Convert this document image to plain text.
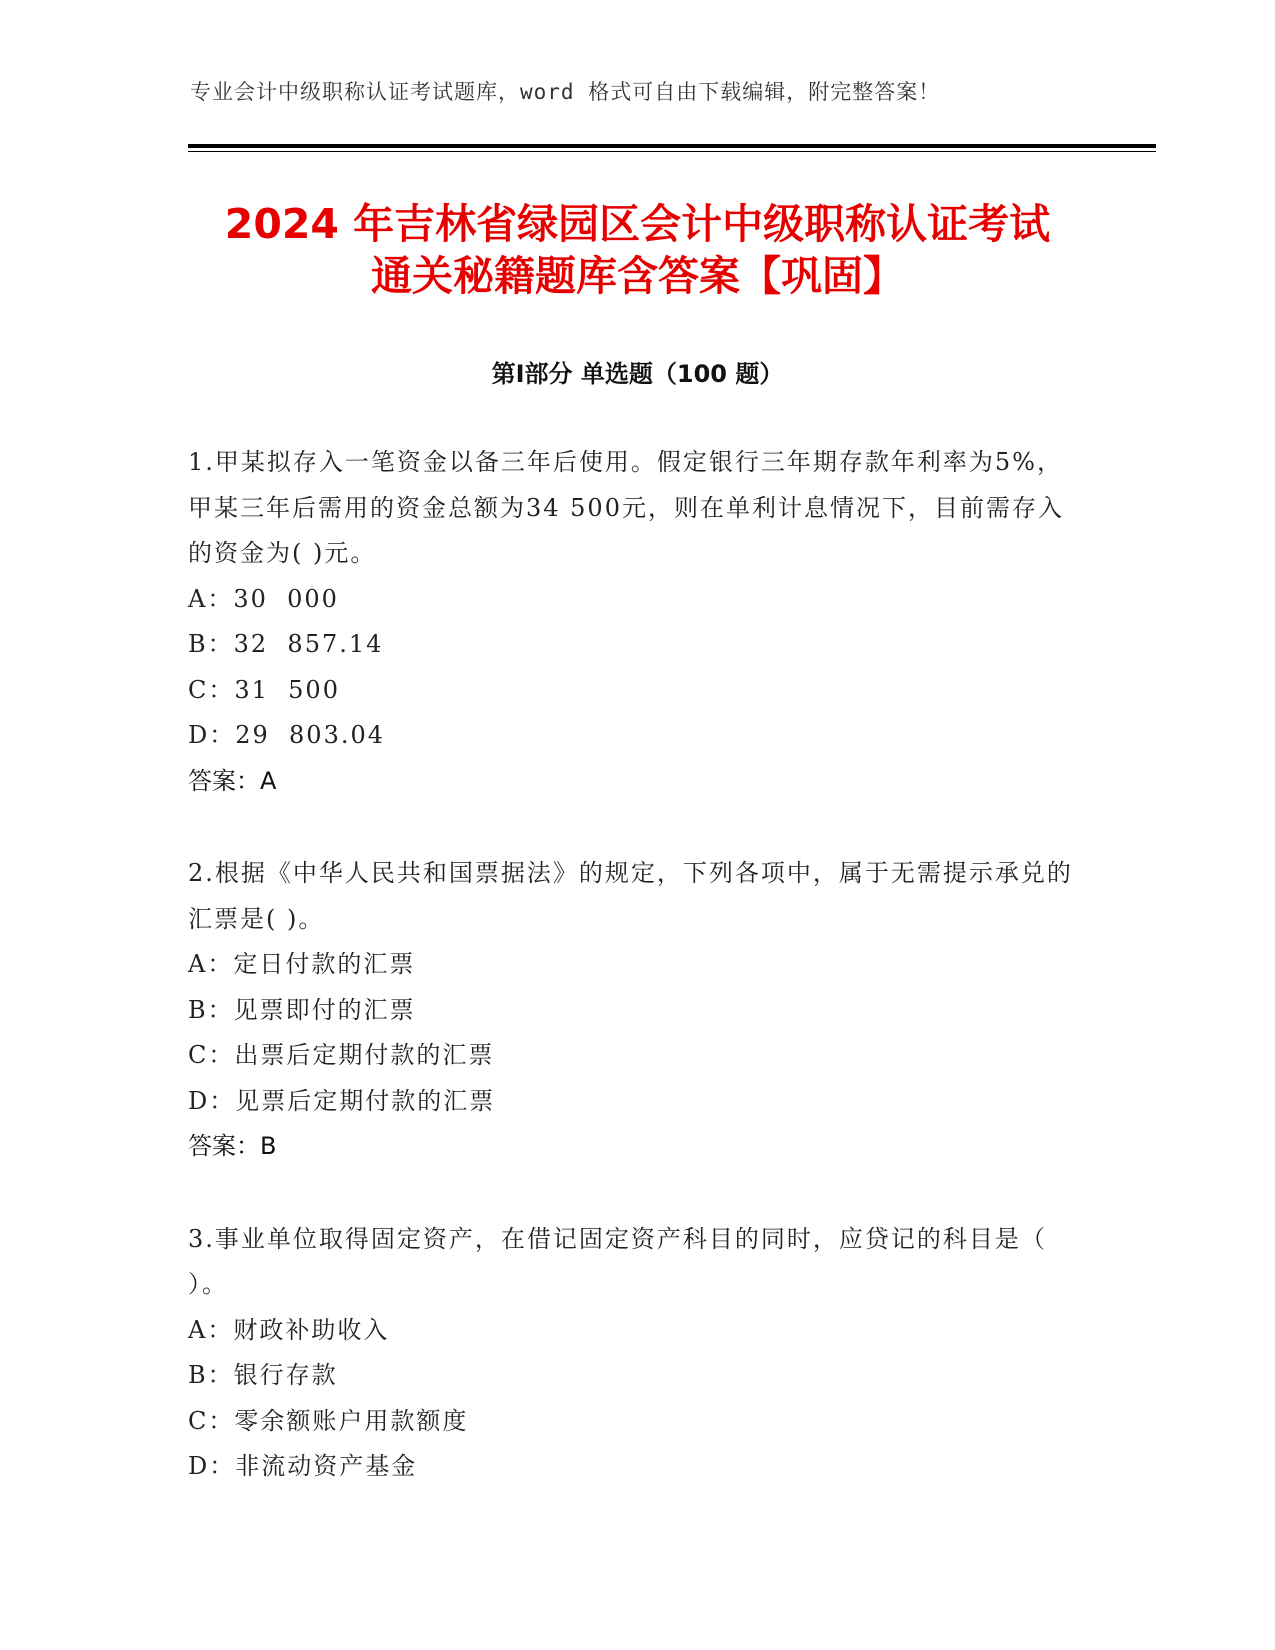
专业会计中级职称认证考试题库，word 格式可自由下载编辑，附完整答案！
2024 年吉林省绿园区会计中级职称认证考试
通关秘籍题库含答案【巩固】
第Ⅰ部分 单选题（100 题）
1.甲某拟存入一笔资金以备三年后使用。假定银行三年期存款年利率为5%，甲某三年后需用的资金总额为34 500元，则在单利计息情况下，目前需存入的资金为( )元。
A：30  000
B：32  857.14
C：31  500
D：29  803.04
答案：A
2.根据《中华人民共和国票据法》的规定，下列各项中，属于无需提示承兑的汇票是( )。
A：定日付款的汇票
B：见票即付的汇票
C：出票后定期付款的汇票
D：见票后定期付款的汇票
答案：B
3.事业单位取得固定资产，在借记固定资产科目的同时，应贷记的科目是（ ）。
A：财政补助收入
B：银行存款
C：零余额账户用款额度
D：非流动资产基金
